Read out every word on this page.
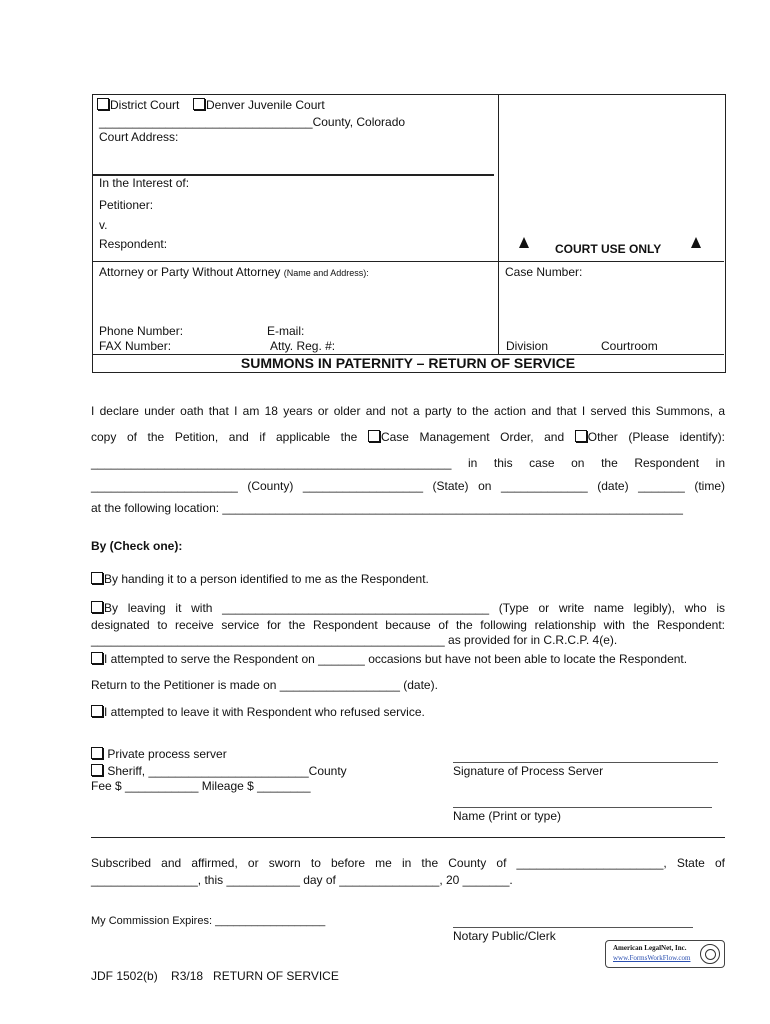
District Court	Denver Juvenile Court
________________________________County, Colorado
Court Address:
In the Interest of:
Petitioner:
v.
Respondent:	COURT USE ONLY
Attorney or Party Without Attorney (Name and Address):	Case Number:
Phone Number:	E-mail:
FAX Number:	Atty. Reg. #:	Division	Courtroom
SUMMONS IN PATERNITY – RETURN OF SERVICE
I declare under oath that I am 18 years or older and not a party to the action and that I served this Summons, a
copy of the Petition, and if applicable the Case Management Order, and Other (Please identify):
______________________________________________________ in this case on the Respondent in
______________________ (County) __________________ (State) on _____________ (date) _______ (time)
at the following location: _____________________________________________________________________
By (Check one):
By handing it to a person identified to me as the Respondent.
By leaving it with ________________________________________ (Type or write name legibly), who is
designated to receive service for the Respondent because of the following relationship with the Respondent:
_____________________________________________________ as provided for in C.R.C.P. 4(e).
I attempted to serve the Respondent on _______ occasions but have not been able to locate the Respondent.
Return to the Petitioner is made on __________________ (date).
I attempted to leave it with Respondent who refused service.
Private process server
Sheriff, ________________________County
Fee $ ___________ Mileage $ ________
Signature of Process Server
Name (Print or type)
Subscribed and affirmed, or sworn to before me in the County of ______________________, State of
________________, this ___________ day of _______________, 20 _______.
My Commission Expires: __________________
Notary Public/Clerk
American LegalNet, Inc.
www.FormsWorkFlow.com
JDF 1502(b)    R3/18   RETURN OF SERVICE
